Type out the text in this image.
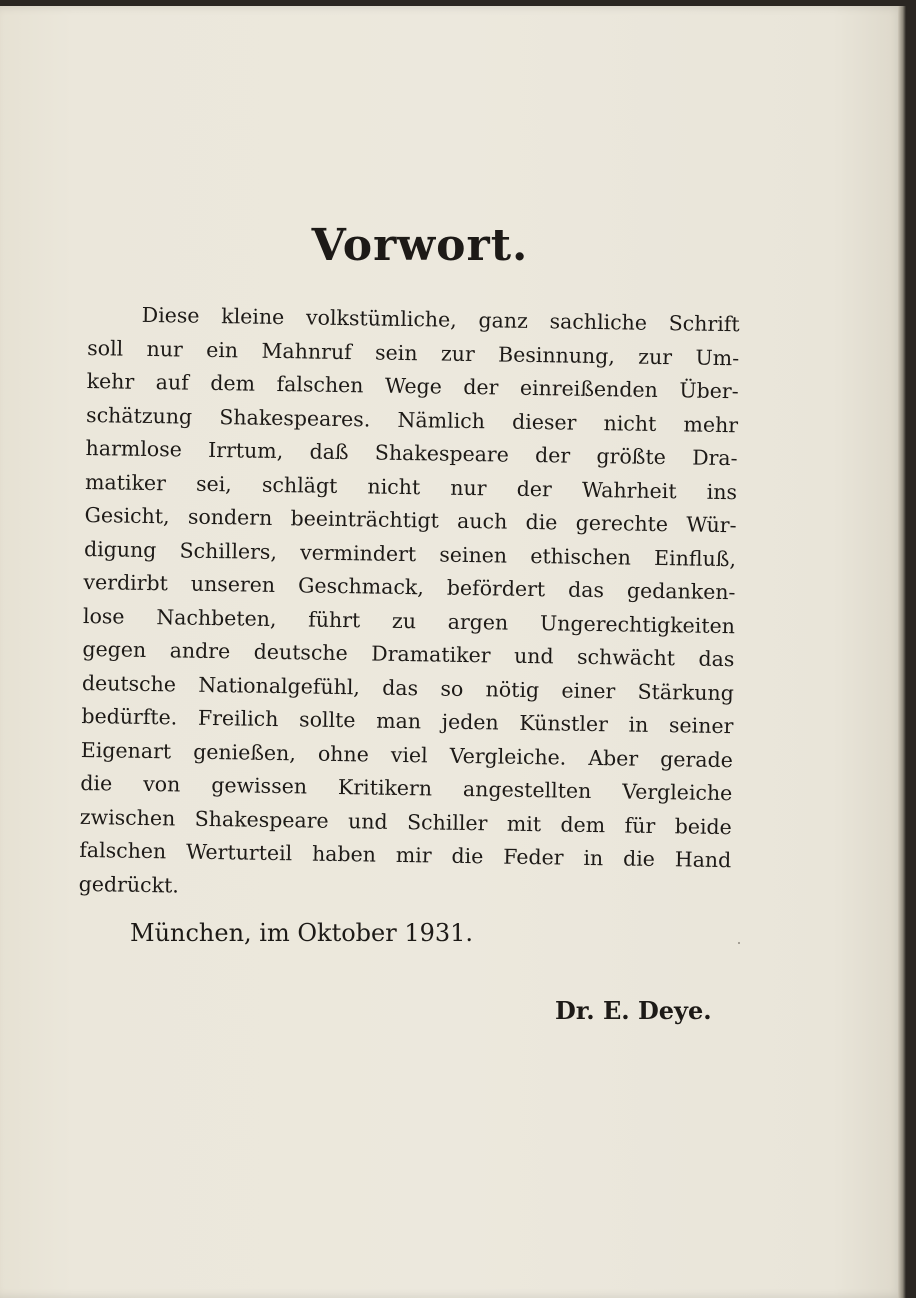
Vorwort.

Diese kleine volkstümliche, ganz sachliche Schrift
soll nur ein Mahnruf sein zur Besinnung, zur Um-
kehr auf dem falschen Wege der einreißenden Über-
schätzung Shakespeares. Nämlich dieser nicht mehr
harmlose Irrtum, daß Shakespeare der größte Dra-
matiker sei, schlägt nicht nur der Wahrheit ins
Gesicht, sondern beeinträchtigt auch die gerechte Wür-
digung Schillers, vermindert seinen ethischen Einfluß,
verdirbt unseren Geschmack, befördert das gedanken-
lose Nachbeten, führt zu argen Ungerechtigkeiten
gegen andre deutsche Dramatiker und schwächt das
deutsche Nationalgefühl, das so nötig einer Stärkung
bedürfte. Freilich sollte man jeden Künstler in seiner
Eigenart genießen, ohne viel Vergleiche. Aber gerade
die von gewissen Kritikern angestellten Vergleiche
zwischen Shakespeare und Schiller mit dem für beide
falschen Werturteil haben mir die Feder in die Hand
gedrückt.

München, im Oktober 1931.

Dr. E. Deye.
